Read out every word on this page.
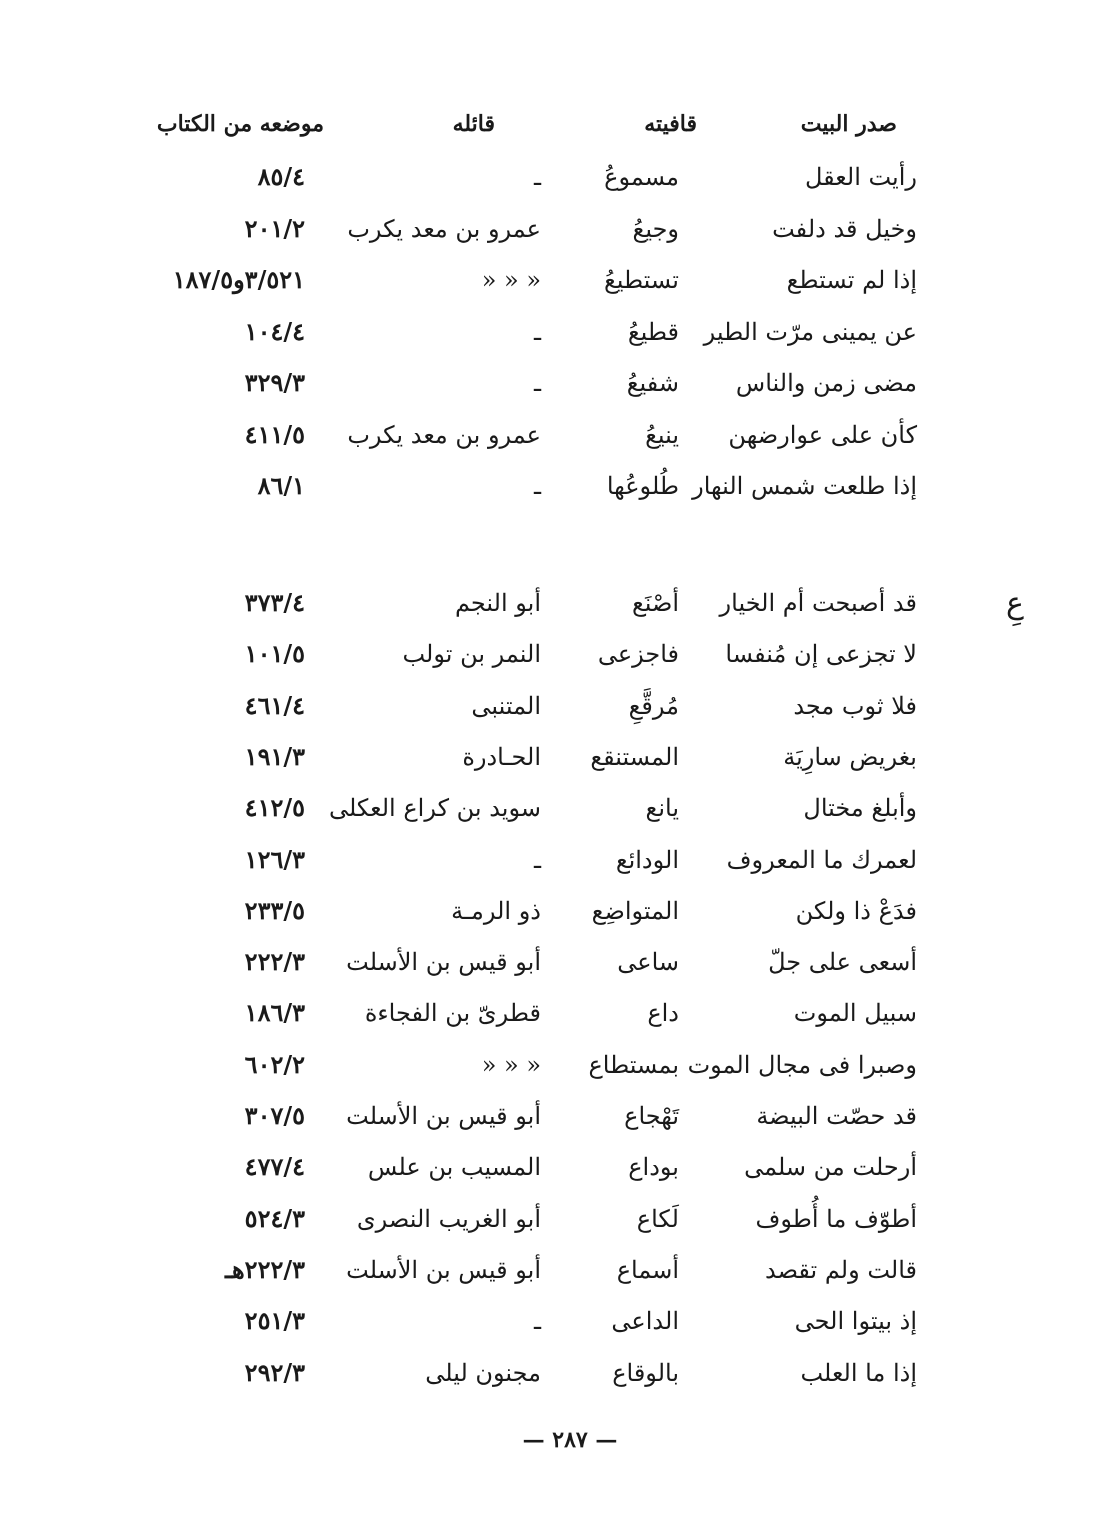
صدر البيت
قافيته
قائله
موضعه من الكتاب
رأيت العقل
مسموعُ
ـ
٨٥/٤
وخيل قد دلفت
وجيعُ
عمرو بن معد يكرب
٢٠١/٢
إذا لم تستطع
تستطيعُ
« « «
٣/٥٢١و١٨٧/٥
عن يمينى مرّت الطير
قطيعُ
ـ
١٠٤/٤
مضى زمن والناس
شفيعُ
ـ
٣٢٩/٣
كأن على عوارضهن
ينيعُ
عمرو بن معد يكرب
٤١١/٥
إذا طلعت شمس النهار
طُلوعُها
ـ
٨٦/١
عِ
قد أصبحت أم الخيار
أصْنَع
أبو النجم
٣٧٣/٤
لا تجزعى إن مُنفسا
فاجزعى
النمر بن تولب
١٠١/٥
فلا ثوب مجد
مُرقَّعِ
المتنبى
٤٦١/٤
بغريض سارِيَة
المستنقع
الحـادرة
١٩١/٣
وأبلغ مختال
يانع
سويد بن كراع العكلى
٤١٢/٥
لعمرك ما المعروف
الودائع
ـ
١٢٦/٣
فدَعْ ذا ولكن
المتواضِع
ذو الرمـة
٢٣٣/٥
أسعى على جلّ
ساعى
أبو قيس بن الأسلت
٢٢٢/٣
سبيل الموت
داع
قطرىّ بن الفجاءة
١٨٦/٣
وصبرا فى مجال الموت
بمستطاع
« « «
٦٠٢/٢
قد حصّت البيضة
تَهْجاع
أبو قيس بن الأسلت
٣٠٧/٥
أرحلت من سلمى
بوداع
المسيب بن علس
٤٧٧/٤
أطوّف ما أُطوف
لَكاع
أبو الغريب النصرى
٥٢٤/٣
قالت ولم تقصد
أسماع
أبو قيس بن الأسلت
٢٢٢/٣هـ
إذ بيتوا الحى
الداعى
ـ
٢٥١/٣
إذا ما العلب
بالوقاع
مجنون ليلى
٢٩٢/٣
— ٢٨٧ —
